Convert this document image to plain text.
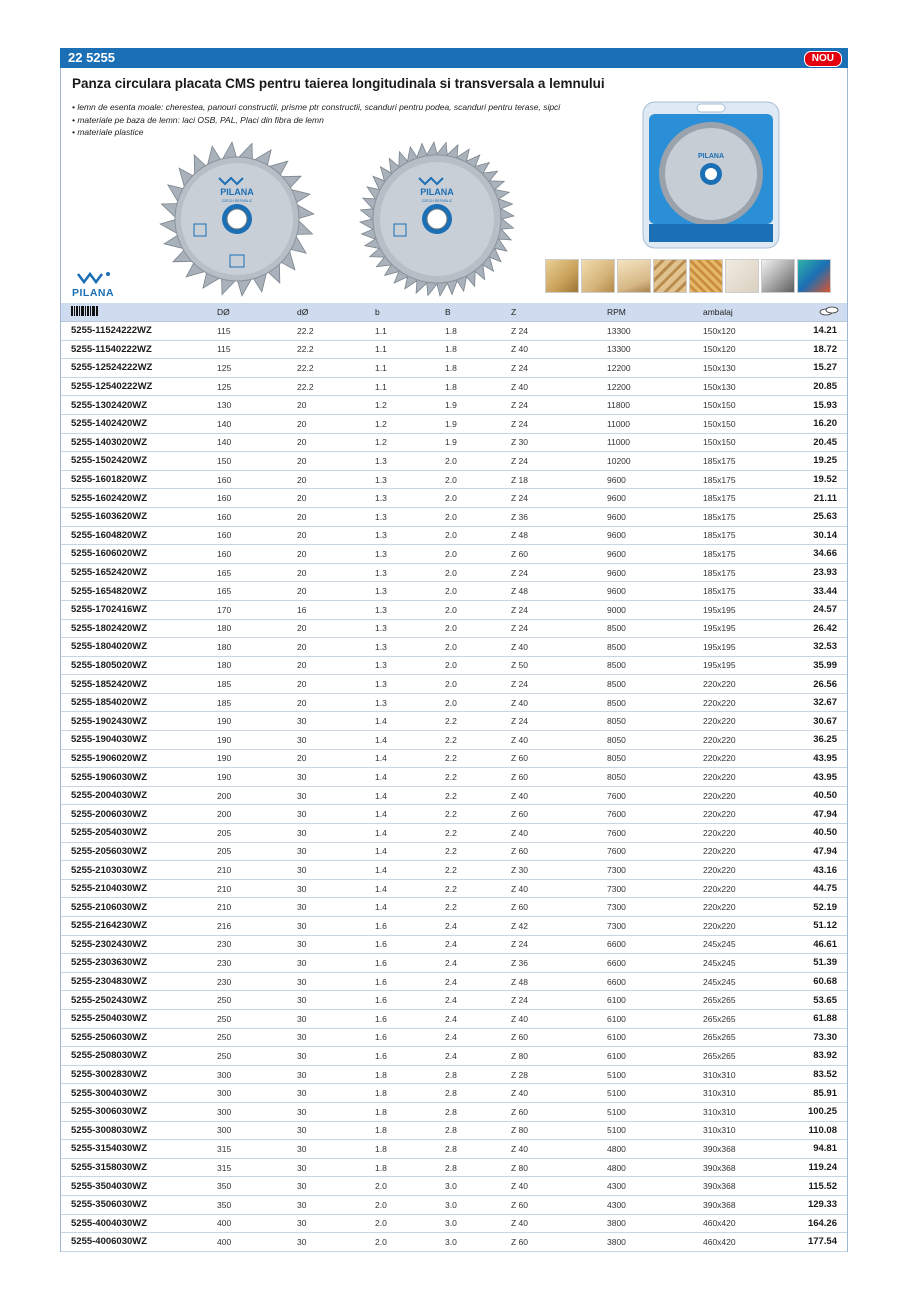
22 5255	NOU
Panza circulara placata CMS pentru taierea longitudinala si transversala a lemnului
• lemn de esenta moale: cherestea, panouri constructii, prisme ptr constructii, scanduri pentru podea, scanduri pentru terase, sipci
• materiale pe baza de lemn: laci OSB, PAL, Placi din fibra de lemn
• materiale plastice
PILANA
CZECH REPUBLIC
PILANA
CZECH REPUBLIC
PILANA
PILANA
	DØ	dØ	b	B	Z	RPM	ambalaj	
5255-11524222WZ	115	22.2	1.1	1.8	Z 24	13300	150x120	14.21
5255-11540222WZ	115	22.2	1.1	1.8	Z 40	13300	150x120	18.72
5255-12524222WZ	125	22.2	1.1	1.8	Z 24	12200	150x130	15.27
5255-12540222WZ	125	22.2	1.1	1.8	Z 40	12200	150x130	20.85
5255-1302420WZ	130	20	1.2	1.9	Z 24	11800	150x150	15.93
5255-1402420WZ	140	20	1.2	1.9	Z 24	11000	150x150	16.20
5255-1403020WZ	140	20	1.2	1.9	Z 30	11000	150x150	20.45
5255-1502420WZ	150	20	1.3	2.0	Z 24	10200	185x175	19.25
5255-1601820WZ	160	20	1.3	2.0	Z 18	9600	185x175	19.52
5255-1602420WZ	160	20	1.3	2.0	Z 24	9600	185x175	21.11
5255-1603620WZ	160	20	1.3	2.0	Z 36	9600	185x175	25.63
5255-1604820WZ	160	20	1.3	2.0	Z 48	9600	185x175	30.14
5255-1606020WZ	160	20	1.3	2.0	Z 60	9600	185x175	34.66
5255-1652420WZ	165	20	1.3	2.0	Z 24	9600	185x175	23.93
5255-1654820WZ	165	20	1.3	2.0	Z 48	9600	185x175	33.44
5255-1702416WZ	170	16	1.3	2.0	Z 24	9000	195x195	24.57
5255-1802420WZ	180	20	1.3	2.0	Z 24	8500	195x195	26.42
5255-1804020WZ	180	20	1.3	2.0	Z 40	8500	195x195	32.53
5255-1805020WZ	180	20	1.3	2.0	Z 50	8500	195x195	35.99
5255-1852420WZ	185	20	1.3	2.0	Z 24	8500	220x220	26.56
5255-1854020WZ	185	20	1.3	2.0	Z 40	8500	220x220	32.67
5255-1902430WZ	190	30	1.4	2.2	Z 24	8050	220x220	30.67
5255-1904030WZ	190	30	1.4	2.2	Z 40	8050	220x220	36.25
5255-1906020WZ	190	20	1.4	2.2	Z 60	8050	220x220	43.95
5255-1906030WZ	190	30	1.4	2.2	Z 60	8050	220x220	43.95
5255-2004030WZ	200	30	1.4	2.2	Z 40	7600	220x220	40.50
5255-2006030WZ	200	30	1.4	2.2	Z 60	7600	220x220	47.94
5255-2054030WZ	205	30	1.4	2.2	Z 40	7600	220x220	40.50
5255-2056030WZ	205	30	1.4	2.2	Z 60	7600	220x220	47.94
5255-2103030WZ	210	30	1.4	2.2	Z 30	7300	220x220	43.16
5255-2104030WZ	210	30	1.4	2.2	Z 40	7300	220x220	44.75
5255-2106030WZ	210	30	1.4	2.2	Z 60	7300	220x220	52.19
5255-2164230WZ	216	30	1.6	2.4	Z 42	7300	220x220	51.12
5255-2302430WZ	230	30	1.6	2.4	Z 24	6600	245x245	46.61
5255-2303630WZ	230	30	1.6	2.4	Z 36	6600	245x245	51.39
5255-2304830WZ	230	30	1.6	2.4	Z 48	6600	245x245	60.68
5255-2502430WZ	250	30	1.6	2.4	Z 24	6100	265x265	53.65
5255-2504030WZ	250	30	1.6	2.4	Z 40	6100	265x265	61.88
5255-2506030WZ	250	30	1.6	2.4	Z 60	6100	265x265	73.30
5255-2508030WZ	250	30	1.6	2.4	Z 80	6100	265x265	83.92
5255-3002830WZ	300	30	1.8	2.8	Z 28	5100	310x310	83.52
5255-3004030WZ	300	30	1.8	2.8	Z 40	5100	310x310	85.91
5255-3006030WZ	300	30	1.8	2.8	Z 60	5100	310x310	100.25
5255-3008030WZ	300	30	1.8	2.8	Z 80	5100	310x310	110.08
5255-3154030WZ	315	30	1.8	2.8	Z 40	4800	390x368	94.81
5255-3158030WZ	315	30	1.8	2.8	Z 80	4800	390x368	119.24
5255-3504030WZ	350	30	2.0	3.0	Z 40	4300	390x368	115.52
5255-3506030WZ	350	30	2.0	3.0	Z 60	4300	390x368	129.33
5255-4004030WZ	400	30	2.0	3.0	Z 40	3800	460x420	164.26
5255-4006030WZ	400	30	2.0	3.0	Z 60	3800	460x420	177.54
